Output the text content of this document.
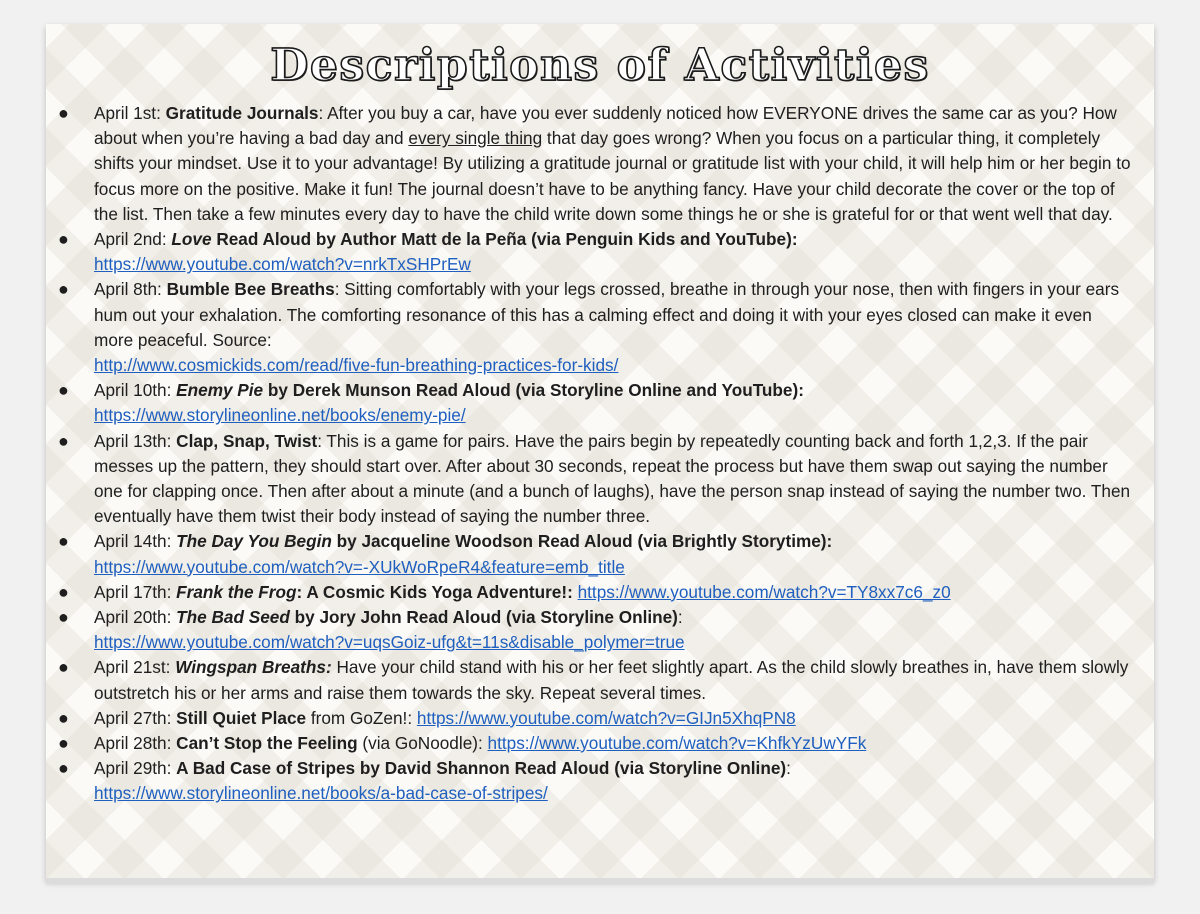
Descriptions of Activities
● April 1st: Gratitude Journals: After you buy a car, have you ever suddenly noticed how EVERYONE drives the same car as you? How about when you’re having a bad day and every single thing that day goes wrong? When you focus on a particular thing, it completely shifts your mindset. Use it to your advantage! By utilizing a gratitude journal or gratitude list with your child, it will help him or her begin to focus more on the positive. Make it fun! The journal doesn’t have to be anything fancy. Have your child decorate the cover or the top of the list. Then take a few minutes every day to have the child write down some things he or she is grateful for or that went well that day.
● April 2nd: Love Read Aloud by Author Matt de la Peña (via Penguin Kids and YouTube):
https://www.youtube.com/watch?v=nrkTxSHPrEw
● April 8th: Bumble Bee Breaths: Sitting comfortably with your legs crossed, breathe in through your nose, then with fingers in your ears hum out your exhalation. The comforting resonance of this has a calming effect and doing it with your eyes closed can make it even more peaceful. Source:
http://www.cosmickids.com/read/five-fun-breathing-practices-for-kids/
● April 10th: Enemy Pie by Derek Munson Read Aloud (via Storyline Online and YouTube):
https://www.storylineonline.net/books/enemy-pie/
● April 13th: Clap, Snap, Twist: This is a game for pairs. Have the pairs begin by repeatedly counting back and forth 1,2,3. If the pair messes up the pattern, they should start over. After about 30 seconds, repeat the process but have them swap out saying the number one for clapping once. Then after about a minute (and a bunch of laughs), have the person snap instead of saying the number two. Then eventually have them twist their body instead of saying the number three.
● April 14th: The Day You Begin by Jacqueline Woodson Read Aloud (via Brightly Storytime):
https://www.youtube.com/watch?v=-XUkWoRpeR4&feature=emb_title
● April 17th: Frank the Frog: A Cosmic Kids Yoga Adventure!: https://www.youtube.com/watch?v=TY8xx7c6_z0
● April 20th: The Bad Seed by Jory John Read Aloud (via Storyline Online):
https://www.youtube.com/watch?v=uqsGoiz-ufg&t=11s&disable_polymer=true
● April 21st: Wingspan Breaths: Have your child stand with his or her feet slightly apart. As the child slowly breathes in, have them slowly outstretch his or her arms and raise them towards the sky. Repeat several times.
● April 27th: Still Quiet Place from GoZen!: https://www.youtube.com/watch?v=GIJn5XhqPN8
● April 28th: Can’t Stop the Feeling (via GoNoodle): https://www.youtube.com/watch?v=KhfkYzUwYFk
● April 29th: A Bad Case of Stripes by David Shannon Read Aloud (via Storyline Online):
https://www.storylineonline.net/books/a-bad-case-of-stripes/
